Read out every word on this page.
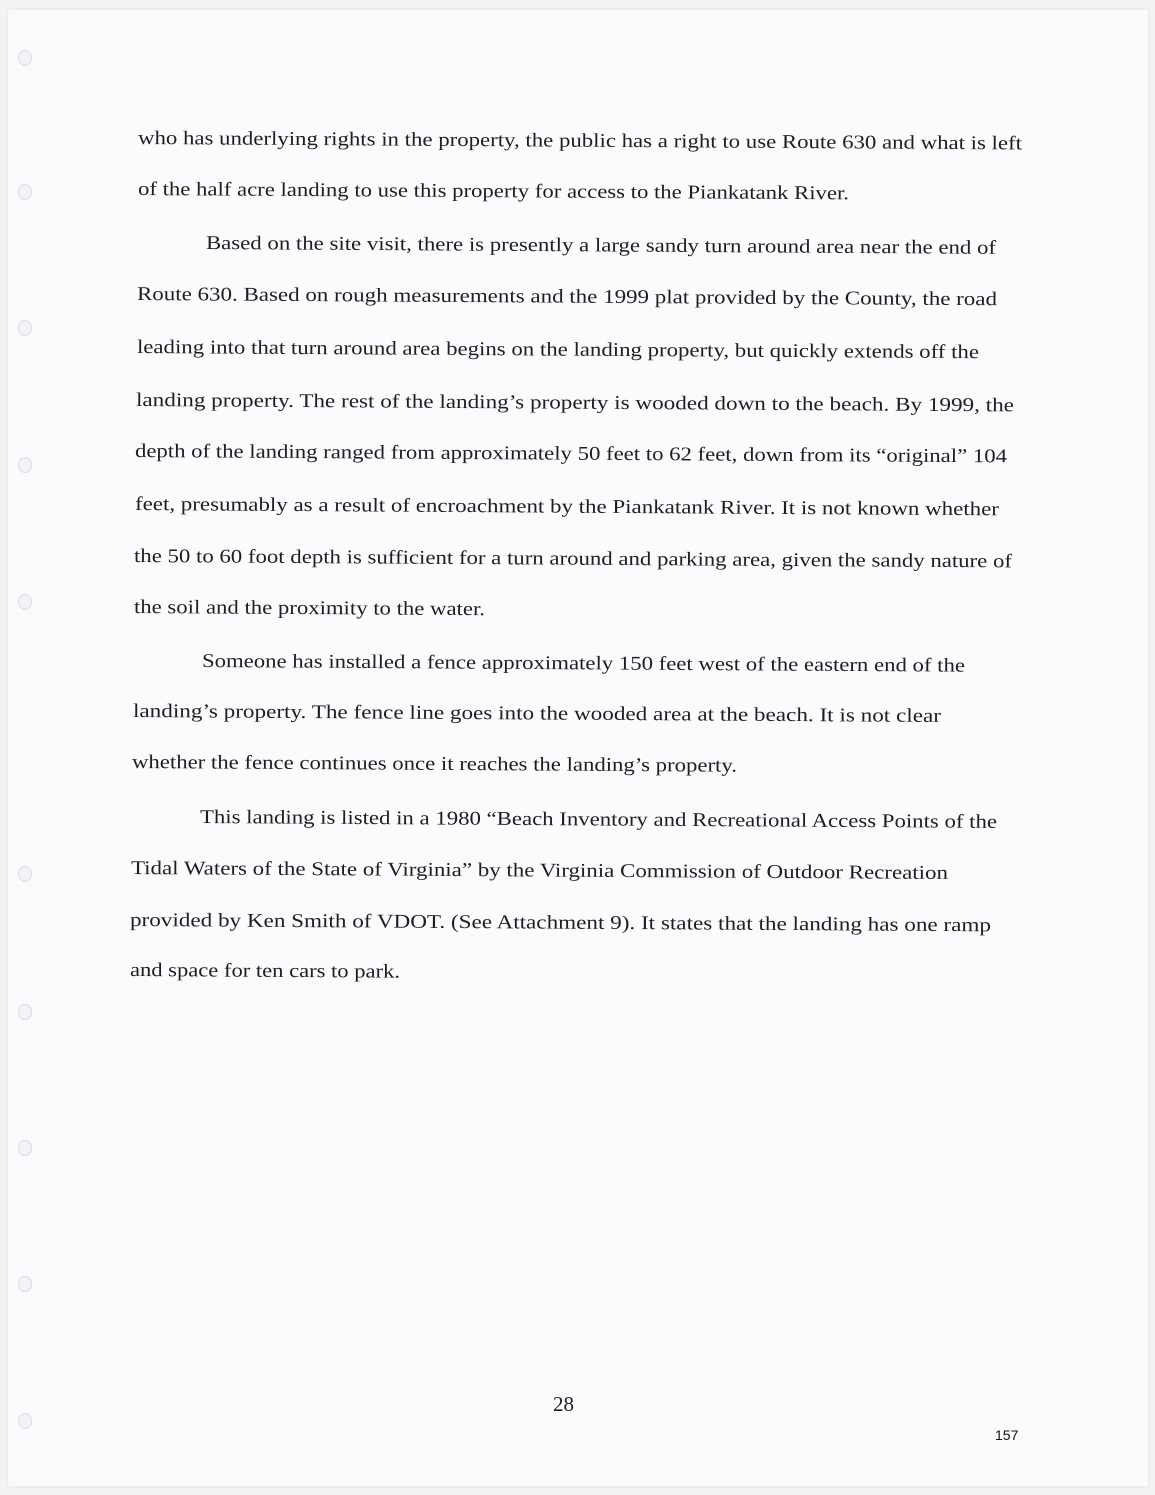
who has underlying rights in the property, the public has a right to use Route 630 and what is left

of the half acre landing to use this property for access to the Piankatank River.

Based on the site visit, there is presently a large sandy turn around area near the end of

Route 630. Based on rough measurements and the 1999 plat provided by the County, the road

leading into that turn around area begins on the landing property, but quickly extends off the

landing property. The rest of the landing’s property is wooded down to the beach. By 1999, the

depth of the landing ranged from approximately 50 feet to 62 feet, down from its “original” 104

feet, presumably as a result of encroachment by the Piankatank River. It is not known whether

the 50 to 60 foot depth is sufficient for a turn around and parking area, given the sandy nature of

the soil and the proximity to the water.

Someone has installed a fence approximately 150 feet west of the eastern end of the

landing’s property. The fence line goes into the wooded area at the beach. It is not clear

whether the fence continues once it reaches the landing’s property.

This landing is listed in a 1980 “Beach Inventory and Recreational Access Points of the

Tidal Waters of the State of Virginia” by the Virginia Commission of Outdoor Recreation

provided by Ken Smith of VDOT. (See Attachment 9). It states that the landing has one ramp

and space for ten cars to park.

28
157
